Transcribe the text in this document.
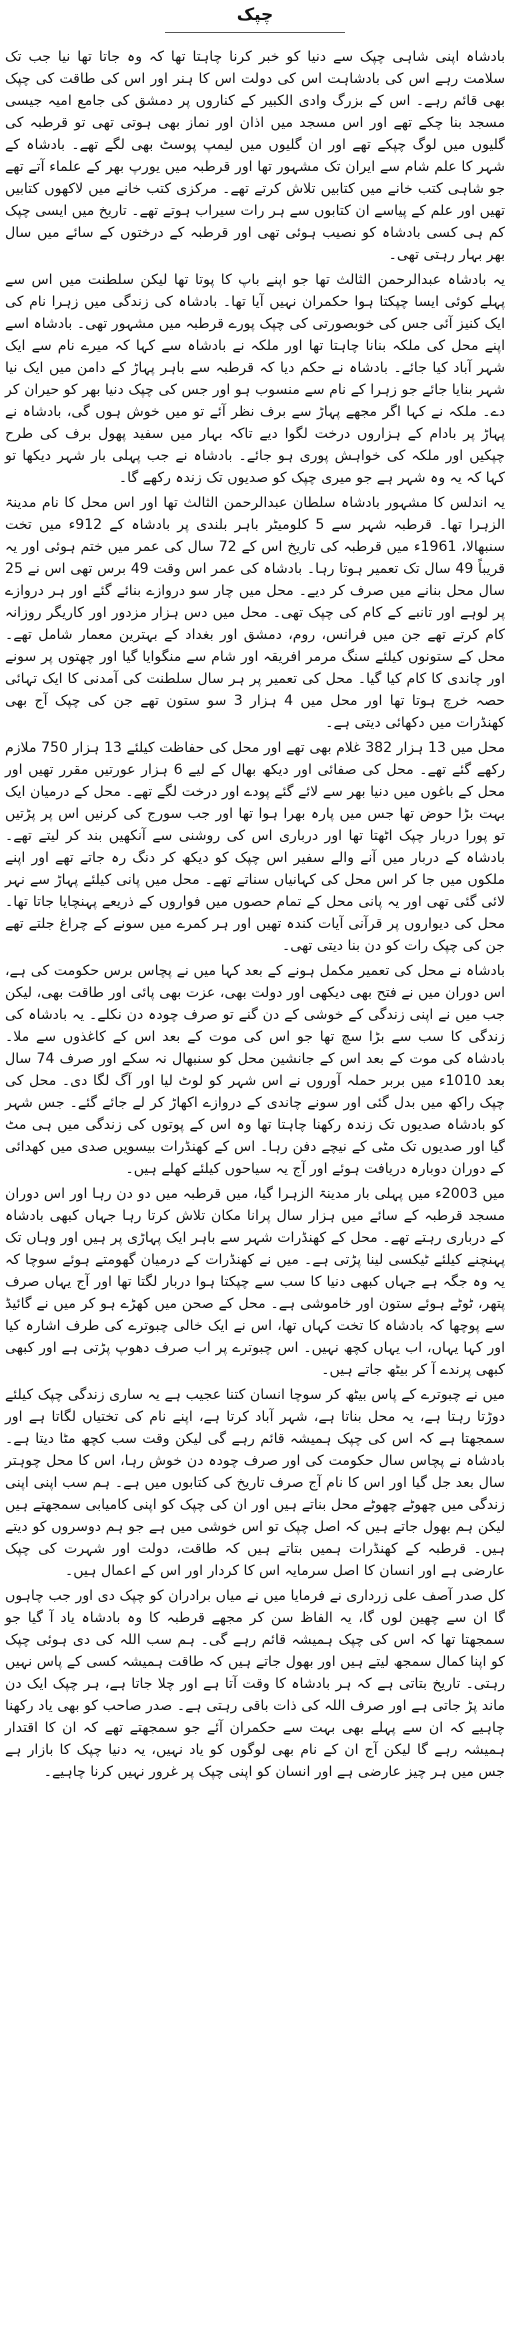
چپک

بادشاہ اپنی شاہی چپک سے دنیا کو خبر کرنا چاہتا تھا کہ وہ جاتا تھا نیا جب تک سلامت رہے اس کی بادشاہت اس کی دولت اس کا ہنر اور اس کی طاقت کی چپک بھی قائم رہے۔ اس کے بزرگ وادی الکبیر کے کناروں پر دمشق کی جامع امیہ جیسی مسجد بنا چکے تھے اور اس مسجد میں اذان اور نماز بھی ہوتی تھی تو قرطبہ کی گلیوں میں لوگ چپکے تھے اور ان گلیوں میں لیمپ پوسٹ بھی لگے تھے۔ بادشاہ کے شہر کا علم شام سے ایران تک مشہور تھا اور قرطبہ میں یورپ بھر کے علماء آتے تھے جو شاہی کتب خانے میں کتابیں تلاش کرتے تھے۔ مرکزی کتب خانے میں لاکھوں کتابیں تھیں اور علم کے پیاسے ان کتابوں سے ہر رات سیراب ہوتے تھے۔ تاریخ میں ایسی چپک کم ہی کسی بادشاہ کو نصیب ہوئی تھی اور قرطبہ کے درختوں کے سائے میں سال بھر بہار رہتی تھی۔

یہ بادشاہ عبدالرحمن الثالث تھا جو اپنے باپ کا پوتا تھا لیکن سلطنت میں اس سے پہلے کوئی ایسا چپکتا ہوا حکمران نہیں آیا تھا۔ بادشاہ کی زندگی میں زہرا نام کی ایک کنیز آئی جس کی خوبصورتی کی چپک پورے قرطبہ میں مشہور تھی۔ بادشاہ اسے اپنے محل کی ملکہ بنانا چاہتا تھا اور ملکہ نے بادشاہ سے کہا کہ میرے نام سے ایک شہر آباد کیا جائے۔ بادشاہ نے حکم دیا کہ قرطبہ سے باہر پہاڑ کے دامن میں ایک نیا شہر بنایا جائے جو زہرا کے نام سے منسوب ہو اور جس کی چپک دنیا بھر کو حیران کر دے۔ ملکہ نے کہا اگر مجھے پہاڑ سے برف نظر آئے تو میں خوش ہوں گی، بادشاہ نے پہاڑ پر بادام کے ہزاروں درخت لگوا دیے تاکہ بہار میں سفید پھول برف کی طرح چپکیں اور ملکہ کی خواہش پوری ہو جائے۔ بادشاہ نے جب پہلی بار شہر دیکھا تو کہا کہ یہ وہ شہر ہے جو میری چپک کو صدیوں تک زندہ رکھے گا۔

یہ اندلس کا مشہور بادشاہ سلطان عبدالرحمن الثالث تھا اور اس محل کا نام مدینۃ الزہرا تھا۔ قرطبہ شہر سے 5 کلومیٹر باہر بلندی پر بادشاہ کے 912ء میں تخت سنبھالا، 1961ء میں قرطبہ کی تاریخ اس کے 72 سال کی عمر میں ختم ہوئی اور یہ قریباً 49 سال تک تعمیر ہوتا رہا۔ بادشاہ کی عمر اس وقت 49 برس تھی اس نے 25 سال محل بنانے میں صرف کر دیے۔ محل میں چار سو دروازے بنائے گئے اور ہر دروازے پر لوہے اور تانبے کے کام کی چپک تھی۔ محل میں دس ہزار مزدور اور کاریگر روزانہ کام کرتے تھے جن میں فرانس، روم، دمشق اور بغداد کے بہترین معمار شامل تھے۔ محل کے ستونوں کیلئے سنگ مرمر افریقہ اور شام سے منگوایا گیا اور چھتوں پر سونے اور چاندی کا کام کیا گیا۔ محل کی تعمیر پر ہر سال سلطنت کی آمدنی کا ایک تہائی حصہ خرچ ہوتا تھا اور محل میں 4 ہزار 3 سو ستون تھے جن کی چپک آج بھی کھنڈرات میں دکھائی دیتی ہے۔

محل میں 13 ہزار 382 غلام بھی تھے اور محل کی حفاظت کیلئے 13 ہزار 750 ملازم رکھے گئے تھے۔ محل کی صفائی اور دیکھ بھال کے لیے 6 ہزار عورتیں مقرر تھیں اور محل کے باغوں میں دنیا بھر سے لائے گئے پودے اور درخت لگے تھے۔ محل کے درمیان ایک بہت بڑا حوض تھا جس میں پارہ بھرا ہوا تھا اور جب سورج کی کرنیں اس پر پڑتیں تو پورا دربار چپک اٹھتا تھا اور درباری اس کی روشنی سے آنکھیں بند کر لیتے تھے۔ بادشاہ کے دربار میں آنے والے سفیر اس چپک کو دیکھ کر دنگ رہ جاتے تھے اور اپنے ملکوں میں جا کر اس محل کی کہانیاں سناتے تھے۔ محل میں پانی کیلئے پہاڑ سے نہر لائی گئی تھی اور یہ پانی محل کے تمام حصوں میں فواروں کے ذریعے پہنچایا جاتا تھا۔ محل کی دیواروں پر قرآنی آیات کندہ تھیں اور ہر کمرے میں سونے کے چراغ جلتے تھے جن کی چپک رات کو دن بنا دیتی تھی۔

بادشاہ نے محل کی تعمیر مکمل ہونے کے بعد کہا میں نے پچاس برس حکومت کی ہے، اس دوران میں نے فتح بھی دیکھی اور دولت بھی، عزت بھی پائی اور طاقت بھی، لیکن جب میں نے اپنی زندگی کے خوشی کے دن گنے تو صرف چودہ دن نکلے۔ یہ بادشاہ کی زندگی کا سب سے بڑا سچ تھا جو اس کی موت کے بعد اس کے کاغذوں سے ملا۔ بادشاہ کی موت کے بعد اس کے جانشین محل کو سنبھال نہ سکے اور صرف 74 سال بعد 1010ء میں بربر حملہ آوروں نے اس شہر کو لوٹ لیا اور آگ لگا دی۔ محل کی چپک راکھ میں بدل گئی اور سونے چاندی کے دروازے اکھاڑ کر لے جائے گئے۔ جس شہر کو بادشاہ صدیوں تک زندہ رکھنا چاہتا تھا وہ اس کے پوتوں کی زندگی میں ہی مٹ گیا اور صدیوں تک مٹی کے نیچے دفن رہا۔ اس کے کھنڈرات بیسویں صدی میں کھدائی کے دوران دوبارہ دریافت ہوئے اور آج یہ سیاحوں کیلئے کھلے ہیں۔

میں 2003ء میں پہلی بار مدینۃ الزہرا گیا، میں قرطبہ میں دو دن رہا اور اس دوران مسجد قرطبہ کے سائے میں ہزار سال پرانا مکان تلاش کرتا رہا جہاں کبھی بادشاہ کے درباری رہتے تھے۔ محل کے کھنڈرات شہر سے باہر ایک پہاڑی پر ہیں اور وہاں تک پہنچنے کیلئے ٹیکسی لینا پڑتی ہے۔ میں نے کھنڈرات کے درمیان گھومتے ہوئے سوچا کہ یہ وہ جگہ ہے جہاں کبھی دنیا کا سب سے چپکتا ہوا دربار لگتا تھا اور آج یہاں صرف پتھر، ٹوٹے ہوئے ستون اور خاموشی ہے۔ محل کے صحن میں کھڑے ہو کر میں نے گائیڈ سے پوچھا کہ بادشاہ کا تخت کہاں تھا، اس نے ایک خالی چبوترے کی طرف اشارہ کیا اور کہا یہاں، اب یہاں کچھ نہیں۔ اس چبوترے پر اب صرف دھوپ پڑتی ہے اور کبھی کبھی پرندے آ کر بیٹھ جاتے ہیں۔

میں نے چبوترے کے پاس بیٹھ کر سوچا انسان کتنا عجیب ہے یہ ساری زندگی چپک کیلئے دوڑتا رہتا ہے، یہ محل بناتا ہے، شہر آباد کرتا ہے، اپنے نام کی تختیاں لگاتا ہے اور سمجھتا ہے کہ اس کی چپک ہمیشہ قائم رہے گی لیکن وقت سب کچھ مٹا دیتا ہے۔ بادشاہ نے پچاس سال حکومت کی اور صرف چودہ دن خوش رہا، اس کا محل چوہتر سال بعد جل گیا اور اس کا نام آج صرف تاریخ کی کتابوں میں ہے۔ ہم سب اپنی اپنی زندگی میں چھوٹے چھوٹے محل بناتے ہیں اور ان کی چپک کو اپنی کامیابی سمجھتے ہیں لیکن ہم بھول جاتے ہیں کہ اصل چپک تو اس خوشی میں ہے جو ہم دوسروں کو دیتے ہیں۔ قرطبہ کے کھنڈرات ہمیں بتاتے ہیں کہ طاقت، دولت اور شہرت کی چپک عارضی ہے اور انسان کا اصل سرمایہ اس کا کردار اور اس کے اعمال ہیں۔

کل صدر آصف علی زرداری نے فرمایا میں نے میاں برادران کو چپک دی اور جب چاہوں گا ان سے چھین لوں گا، یہ الفاظ سن کر مجھے قرطبہ کا وہ بادشاہ یاد آ گیا جو سمجھتا تھا کہ اس کی چپک ہمیشہ قائم رہے گی۔ ہم سب اللہ کی دی ہوئی چپک کو اپنا کمال سمجھ لیتے ہیں اور بھول جاتے ہیں کہ طاقت ہمیشہ کسی کے پاس نہیں رہتی۔ تاریخ بتاتی ہے کہ ہر بادشاہ کا وقت آتا ہے اور چلا جاتا ہے، ہر چپک ایک دن ماند پڑ جاتی ہے اور صرف اللہ کی ذات باقی رہتی ہے۔ صدر صاحب کو بھی یاد رکھنا چاہیے کہ ان سے پہلے بھی بہت سے حکمران آئے جو سمجھتے تھے کہ ان کا اقتدار ہمیشہ رہے گا لیکن آج ان کے نام بھی لوگوں کو یاد نہیں، یہ دنیا چپک کا بازار ہے جس میں ہر چیز عارضی ہے اور انسان کو اپنی چپک پر غرور نہیں کرنا چاہیے۔
